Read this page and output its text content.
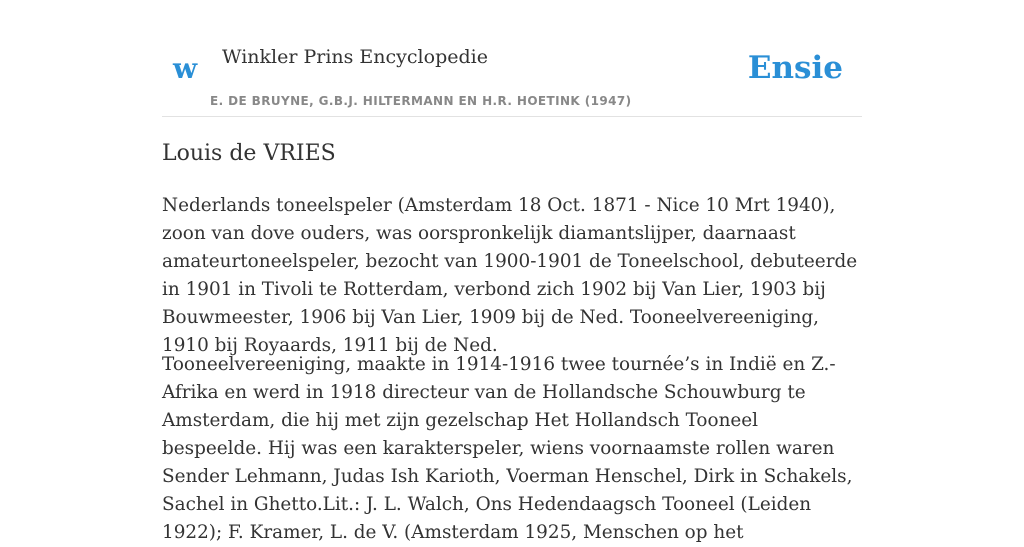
w Winkler Prins Encyclopedie
E. DE BRUYNE, G.B.J. HILTERMANN EN H.R. HOETINK (1947)
Ensie
Louis de VRIES

Nederlands toneelspeler (Amsterdam 18 Oct. 1871 - Nice 10 Mrt 1940), zoon van dove ouders, was oorspronkelijk diamantslijper, daarnaast amateurtoneelspeler, bezocht van 1900-1901 de Toneelschool, debuteerde in 1901 in Tivoli te Rotterdam, verbond zich 1902 bij Van Lier, 1903 bij Bouwmeester, 1906 bij Van Lier, 1909 bij de Ned. Tooneelvereeniging, 1910 bij Royaards, 1911 bij de Ned.

Tooneelvereeniging, maakte in 1914-1916 twee tournée’s in Indië en Z.-Afrika en werd in 1918 directeur van de Hollandsche Schouwburg te Amsterdam, die hij met zijn gezelschap Het Hollandsch Tooneel bespeelde. Hij was een karakterspeler, wiens voornaamste rollen waren Sender Lehmann, Judas Ish Karioth, Voerman Henschel, Dirk in Schakels, Sachel in Ghetto.Lit.: J. L. Walch, Ons Hedendaagsch Tooneel (Leiden 1922); F. Kramer, L. de V. (Amsterdam 1925, Menschen op het
